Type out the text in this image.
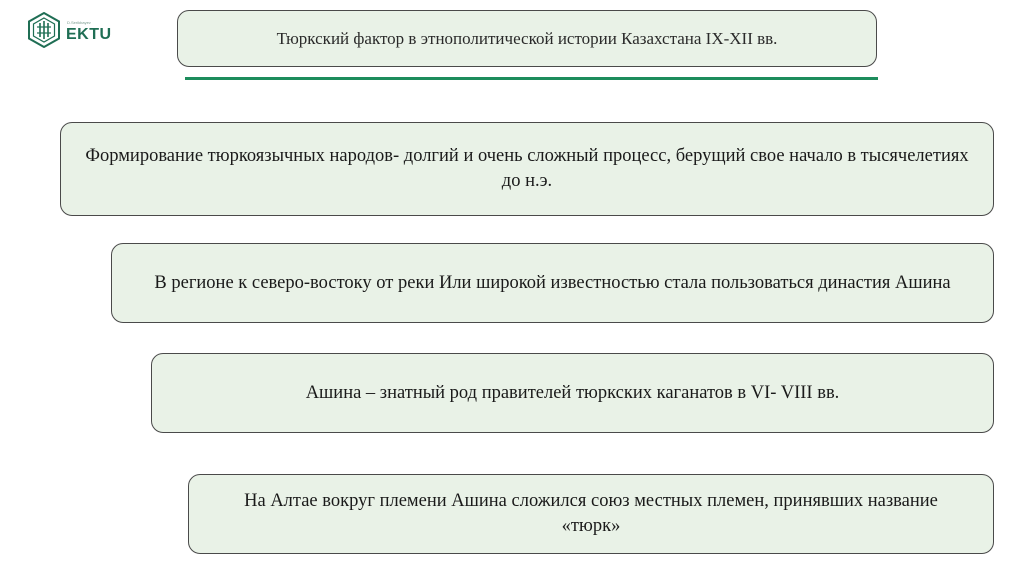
D.Serikbayev
EKTU	Тюркский фактор в этнополитической истории Казахстана IX-XII вв.
Формирование тюркоязычных народов- долгий и очень сложный процесс, берущий свое начало в тысячелетиях до н.э.
В регионе к северо-востоку от реки Или широкой известностью стала пользоваться династия Ашина
Ашина – знатный род правителей тюркских каганатов в VI- VIII вв.
На Алтае вокруг племени Ашина сложился союз местных племен, принявших название «тюрк»
